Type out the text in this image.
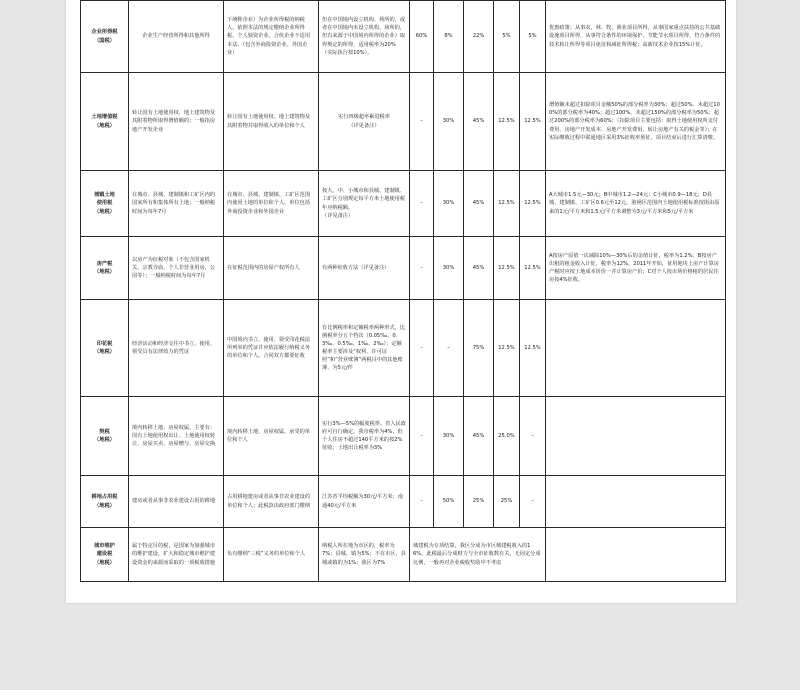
企业所得税
（国税）	企业生产经营所得和其他所得	下统称企业）为企业所得税的纳税人，依照本法的规定缴纳企业所得税。个人独资企业、合伙企业不适用本法。（包含外商投资企业、外国企业）	但在中国境内设立机构、场所的，或者在中国境内未设立机构、场所的，但有来源于中国境内所得的企业）取得规定的所得，适用税率为20%（实际执行按10%）。	60%	8%	22%	5%	5%	优惠政策；从事农、林、牧、渔业项目所得，从事国家重点扶持的公共基础设施项目所得，从事符合条件的环境保护、节能节水项目所得，符合条件的技术转让所得等项目免征和减征所得税；高新技术企业按15%计征。
土地增值税
（地税）	转让国有土地使用权、地上建筑物及其附着物所取得增值额的；一般指房地产开发企业	转让国有土地使用权、地上建筑物及其附着物并取得收入的单位和个人	实行四级超率累进税率
（详见备注）	–	30%	45%	12.5%	12.5%	增值额未超过扣除项目金额50%的部分税率为30%；超过50%、未超过100%的部分税率为40%；超过100%、未超过150%的部分税率为50%；超过200%的部分税率为60%；（扣除项目主要包括：取得土地使用权所支付费用、房地产开发成本、房地产开发费用、转让房地产有关的税金等）；在实际缴收过程中联通地区采用3%征收率预征，项目结束后进行汇算清缴。
城镇土地
使用税
（地税）	在城市、县城、建制镇和工矿区内的国家所有和集体所有土地；一般纳税时间为每年7月	在城市、县城、建制镇、工矿区范围内使用土地的单位和个人，单位包括外商投资企业和外国企业	按大、中、小城市和县城、建制镇、工矿区分别规定每平方米土地使用税年应纳税额。
（详见备注）	–	30%	45%	12.5%	12.5%	A大城市1.5元—30元；B中城市1.2—24元；C小城市0.9—18元；D县城、建制镇、工矿区0.6元至12元。港闸区范围内土地使用税标准按街由原来的1元/平方米和1.5元/平方米调整为3元/平方米和5元/平方米
房产税
（地税）	以房产为征税对象（不包含国家机关、宗教寺庙、个人非营业用房、公园等）；一般纳税时间为每年7月	在征税范围内的房屋产权所有人	有两种征收方法（详见备注）	–	30%	45%	12.5%	12.5%	A按房产原值一次减除10%—30%后的余值计征，税率为1.2%；B按房产出租的租金收入计征，税率为12%。2011年开始，征用地块上房产计算房产税时应按土地成本折价一并计算房产价；C对个人按市场价格租的居民住房按4%征收。
印花税
（地税）	经济活动和经济交往中书立、使用、领受具有法律效力的凭证	中国境内书立、使用、领受印花税法所列举的凭证并应依法履行纳税义务的单位和个人。合同双方都要征收	有比例税率和定额税率两种形式，比例税率分五个档次（0.05‰、0.3‰、0.5‰、1‰、2‰）；定额税率主要涉及“权利、许可证照”和“营业账簿”两税目中的其他账簿，为5元/件	–	–	75%	12.5%	12.5%	
契税
（地税）	境内转移土地、房屋权属，主要有：国有土地使用权出让、土地使用权转让、房屋买卖、房屋赠与、房屋交换	境内转移土地、房屋权属，承受的单位和个人	实行3%—5%的幅度税率。省人民政府可自行确定。我市税率为4%，但个人住房不超过140平方米的按2%征收；土地出让税率为3%	–	30%	45%	25.0%	–	
耕地占用税
（地税）	建房或者从事非农业建设占用的耕地	占用耕地建房或者从事非农业建设的单位和个人；此税款由政府部门缴纳	江苏省平均税额为30元/平方米；南通40元/平方米	–	50%	25%	25%	–	
城市维护
建设税
（地税）	属于特定目的税，是国家为加强城市的维护建设，扩大和稳定城市维护建设资金的来源而采取的一项税收措施	负有缴纳“三税”义务的单位和个人	纳税人所在地为市区的，税率为7%；县城、镇为5%；不在市区、县城或镇的为1%；我区为7%	城建税为专项结算，我区分成为市区城建税收入的16%。此税最后分成财力与全市征收数有关，无固定分成比例，一般再对企业税收奖励中不考虑					
